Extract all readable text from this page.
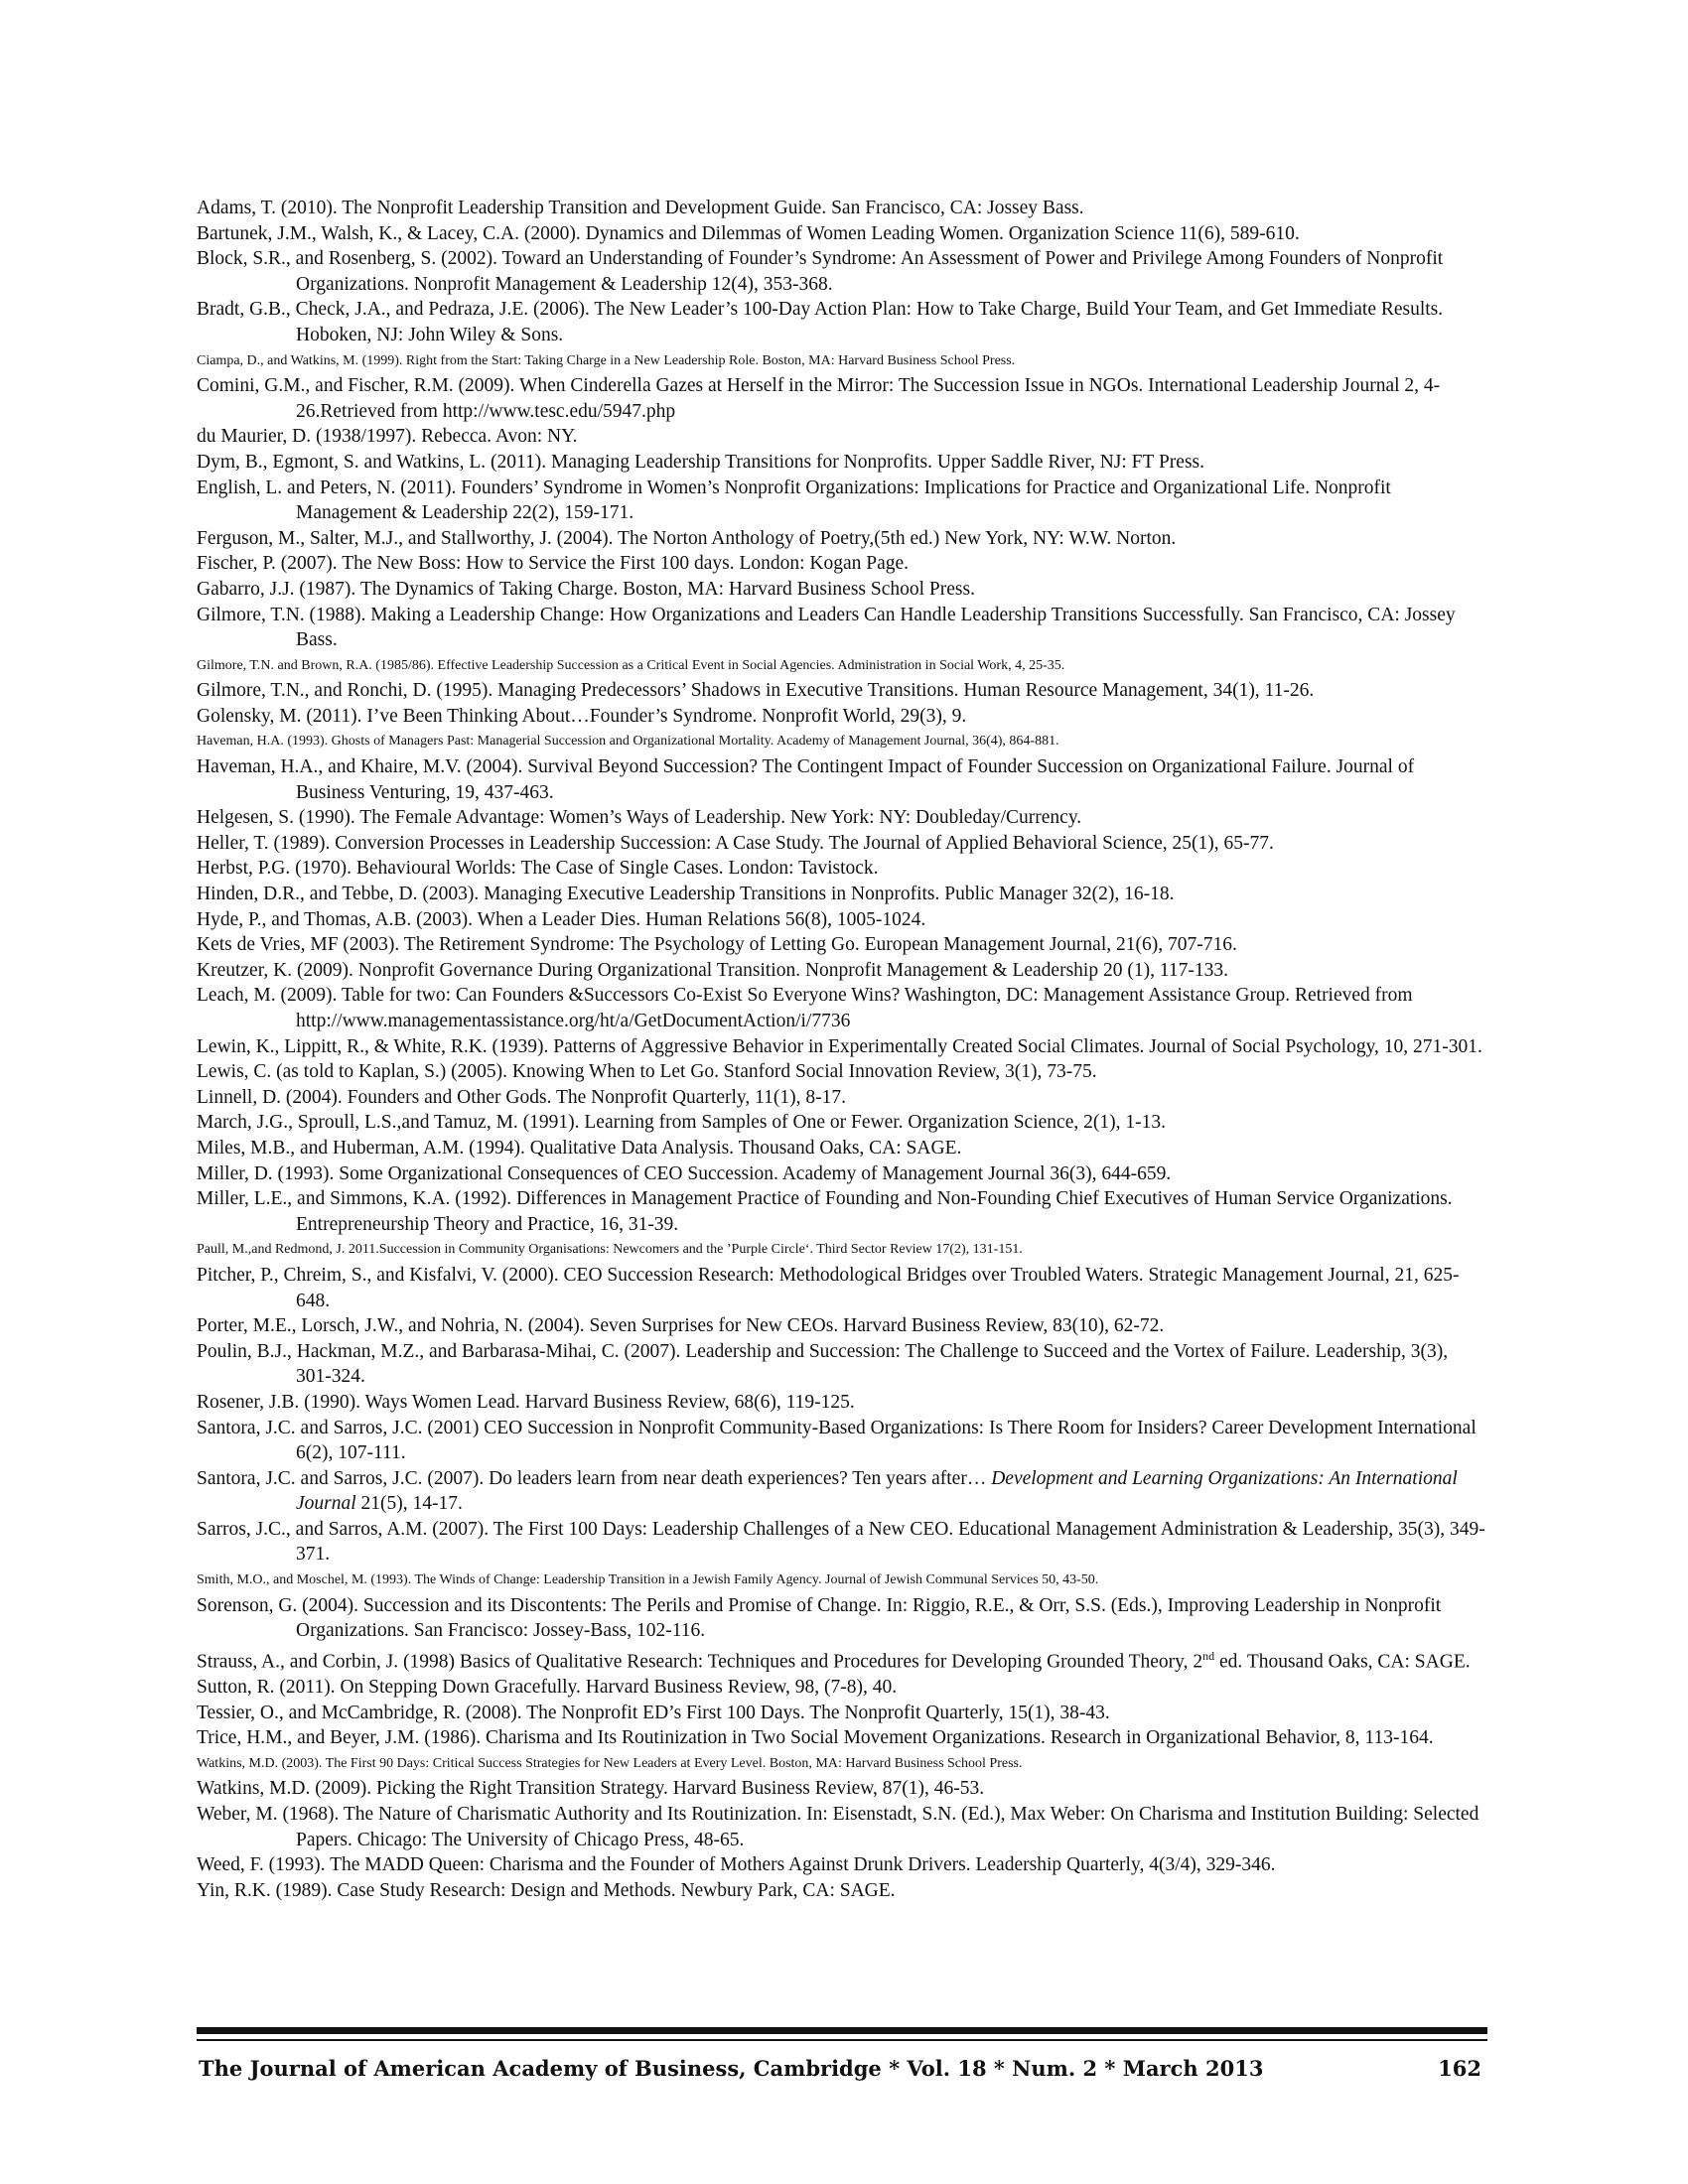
Adams, T. (2010). The Nonprofit Leadership Transition and Development Guide. San Francisco, CA: Jossey Bass.

Bartunek, J.M., Walsh, K., & Lacey, C.A. (2000). Dynamics and Dilemmas of Women Leading Women. Organization Science 11(6), 589-610.

Block, S.R., and Rosenberg, S. (2002). Toward an Understanding of Founder’s Syndrome: An Assessment of Power and Privilege Among Founders of Nonprofit Organizations. Nonprofit Management & Leadership 12(4), 353-368.

Bradt, G.B., Check, J.A., and Pedraza, J.E. (2006). The New Leader’s 100-Day Action Plan: How to Take Charge, Build Your Team, and Get Immediate Results. Hoboken, NJ: John Wiley & Sons.

Ciampa, D., and Watkins, M. (1999). Right from the Start: Taking Charge in a New Leadership Role. Boston, MA: Harvard Business School Press.

Comini, G.M., and Fischer, R.M. (2009). When Cinderella Gazes at Herself in the Mirror: The Succession Issue in NGOs. International Leadership Journal 2, 4-26.Retrieved from http://www.tesc.edu/5947.php

du Maurier, D. (1938/1997). Rebecca. Avon: NY.

Dym, B., Egmont, S. and Watkins, L. (2011). Managing Leadership Transitions for Nonprofits. Upper Saddle River, NJ: FT Press.

English, L. and Peters, N. (2011). Founders’ Syndrome in Women’s Nonprofit Organizations: Implications for Practice and Organizational Life. Nonprofit Management & Leadership 22(2), 159-171.

Ferguson, M., Salter, M.J., and Stallworthy, J. (2004). The Norton Anthology of Poetry,(5th ed.) New York, NY: W.W. Norton.

Fischer, P. (2007). The New Boss: How to Service the First 100 days. London: Kogan Page.

Gabarro, J.J. (1987). The Dynamics of Taking Charge. Boston, MA: Harvard Business School Press.

Gilmore, T.N. (1988). Making a Leadership Change: How Organizations and Leaders Can Handle Leadership Transitions Successfully. San Francisco, CA: Jossey Bass.

Gilmore, T.N. and Brown, R.A. (1985/86). Effective Leadership Succession as a Critical Event in Social Agencies. Administration in Social Work, 4, 25-35.

Gilmore, T.N., and Ronchi, D. (1995). Managing Predecessors’ Shadows in Executive Transitions. Human Resource Management, 34(1), 11-26.

Golensky, M. (2011). I’ve Been Thinking About…Founder’s Syndrome. Nonprofit World, 29(3), 9.

Haveman, H.A. (1993). Ghosts of Managers Past: Managerial Succession and Organizational Mortality. Academy of Management Journal, 36(4), 864-881.

Haveman, H.A., and Khaire, M.V. (2004). Survival Beyond Succession? The Contingent Impact of Founder Succession on Organizational Failure. Journal of Business Venturing, 19, 437-463.

Helgesen, S. (1990). The Female Advantage: Women’s Ways of Leadership. New York: NY: Doubleday/Currency.

Heller, T. (1989). Conversion Processes in Leadership Succession: A Case Study. The Journal of Applied Behavioral Science, 25(1), 65-77.

Herbst, P.G. (1970). Behavioural Worlds: The Case of Single Cases. London: Tavistock.

Hinden, D.R., and Tebbe, D. (2003). Managing Executive Leadership Transitions in Nonprofits. Public Manager 32(2), 16-18.

Hyde, P., and Thomas, A.B. (2003). When a Leader Dies. Human Relations 56(8), 1005-1024.

Kets de Vries, MF (2003). The Retirement Syndrome: The Psychology of Letting Go. European Management Journal, 21(6), 707-716.

Kreutzer, K. (2009). Nonprofit Governance During Organizational Transition. Nonprofit Management & Leadership 20 (1), 117-133.

Leach, M. (2009). Table for two: Can Founders &Successors Co-Exist So Everyone Wins? Washington, DC: Management Assistance Group. Retrieved from http://www.managementassistance.org/ht/a/GetDocumentAction/i/7736

Lewin, K., Lippitt, R., & White, R.K. (1939). Patterns of Aggressive Behavior in Experimentally Created Social Climates. Journal of Social Psychology, 10, 271-301.

Lewis, C. (as told to Kaplan, S.) (2005). Knowing When to Let Go. Stanford Social Innovation Review, 3(1), 73-75.

Linnell, D. (2004). Founders and Other Gods. The Nonprofit Quarterly, 11(1), 8-17.

March, J.G., Sproull, L.S.,and Tamuz, M. (1991). Learning from Samples of One or Fewer. Organization Science, 2(1), 1-13.

Miles, M.B., and Huberman, A.M. (1994). Qualitative Data Analysis. Thousand Oaks, CA: SAGE.

Miller, D. (1993). Some Organizational Consequences of CEO Succession. Academy of Management Journal 36(3), 644-659.

Miller, L.E., and Simmons, K.A. (1992). Differences in Management Practice of Founding and Non-Founding Chief Executives of Human Service Organizations. Entrepreneurship Theory and Practice, 16, 31-39.

Paull, M.,and Redmond, J. 2011.Succession in Community Organisations: Newcomers and the ’Purple Circle‘. Third Sector Review 17(2), 131-151.

Pitcher, P., Chreim, S., and Kisfalvi, V. (2000). CEO Succession Research: Methodological Bridges over Troubled Waters. Strategic Management Journal, 21, 625-648.

Porter, M.E., Lorsch, J.W., and Nohria, N. (2004). Seven Surprises for New CEOs. Harvard Business Review, 83(10), 62-72.

Poulin, B.J., Hackman, M.Z., and Barbarasa-Mihai, C. (2007). Leadership and Succession: The Challenge to Succeed and the Vortex of Failure. Leadership, 3(3), 301-324.

Rosener, J.B. (1990). Ways Women Lead. Harvard Business Review, 68(6), 119-125.

Santora, J.C. and Sarros, J.C. (2001) CEO Succession in Nonprofit Community-Based Organizations: Is There Room for Insiders? Career Development International 6(2), 107-111.

Santora, J.C. and Sarros, J.C. (2007). Do leaders learn from near death experiences? Ten years after… Development and Learning Organizations: An International Journal 21(5), 14-17.

Sarros, J.C., and Sarros, A.M. (2007). The First 100 Days: Leadership Challenges of a New CEO. Educational Management Administration & Leadership, 35(3), 349-371.

Smith, M.O., and Moschel, M. (1993). The Winds of Change: Leadership Transition in a Jewish Family Agency. Journal of Jewish Communal Services 50, 43-50.

Sorenson, G. (2004). Succession and its Discontents: The Perils and Promise of Change. In: Riggio, R.E., & Orr, S.S. (Eds.), Improving Leadership in Nonprofit Organizations. San Francisco: Jossey-Bass, 102-116.

Strauss, A., and Corbin, J. (1998) Basics of Qualitative Research: Techniques and Procedures for Developing Grounded Theory, 2nd ed. Thousand Oaks, CA: SAGE.

Sutton, R. (2011). On Stepping Down Gracefully. Harvard Business Review, 98, (7-8), 40.

Tessier, O., and McCambridge, R. (2008). The Nonprofit ED’s First 100 Days. The Nonprofit Quarterly, 15(1), 38-43.

Trice, H.M., and Beyer, J.M. (1986). Charisma and Its Routinization in Two Social Movement Organizations. Research in Organizational Behavior, 8, 113-164.

Watkins, M.D. (2003). The First 90 Days: Critical Success Strategies for New Leaders at Every Level. Boston, MA: Harvard Business School Press.

Watkins, M.D. (2009). Picking the Right Transition Strategy. Harvard Business Review, 87(1), 46-53.

Weber, M. (1968). The Nature of Charismatic Authority and Its Routinization. In: Eisenstadt, S.N. (Ed.), Max Weber: On Charisma and Institution Building: Selected Papers. Chicago: The University of Chicago Press, 48-65.

Weed, F. (1993). The MADD Queen: Charisma and the Founder of Mothers Against Drunk Drivers. Leadership Quarterly, 4(3/4), 329-346.

Yin, R.K. (1989). Case Study Research: Design and Methods. Newbury Park, CA: SAGE.

The Journal of American Academy of Business, Cambridge * Vol. 18 * Num. 2 * March 2013	162
